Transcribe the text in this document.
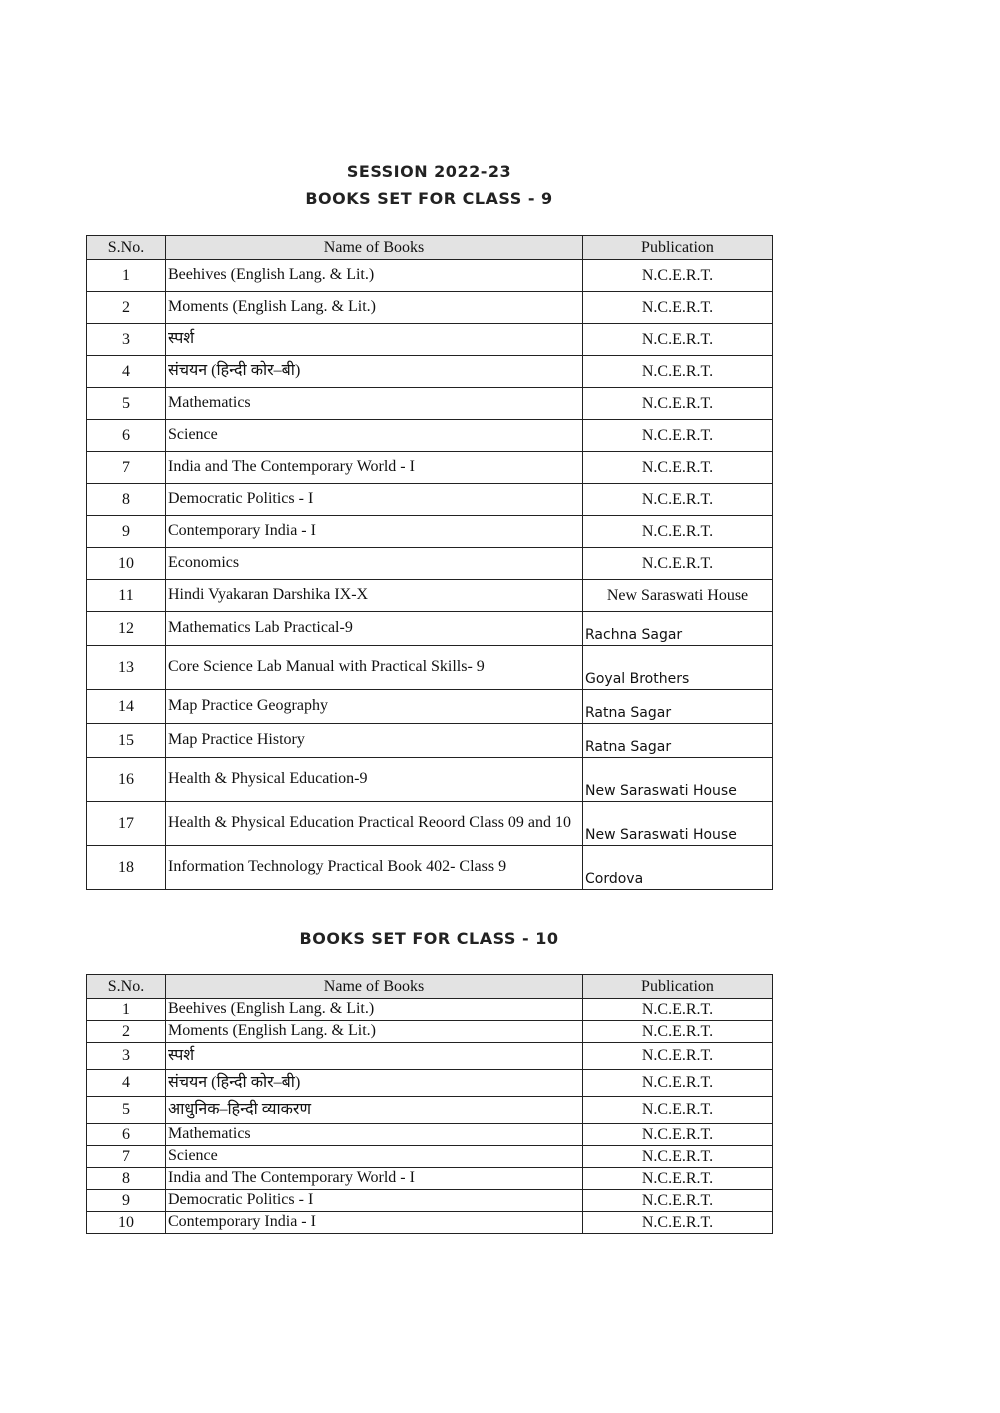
SESSION 2022-23
BOOKS SET FOR CLASS - 9
S.No.	Name of Books	Publication
1	Beehives (English Lang. & Lit.)	N.C.E.R.T.
2	Moments (English Lang. & Lit.)	N.C.E.R.T.
3	स्पर्श	N.C.E.R.T.
4	संचयन (हिन्दी कोर–बी)	N.C.E.R.T.
5	Mathematics	N.C.E.R.T.
6	Science	N.C.E.R.T.
7	India and The Contemporary World - I	N.C.E.R.T.
8	Democratic Politics - I	N.C.E.R.T.
9	Contemporary India - I	N.C.E.R.T.
10	Economics	N.C.E.R.T.
11	Hindi Vyakaran Darshika IX-X	New Saraswati House
12	Mathematics Lab Practical-9	Rachna Sagar
13	Core Science Lab Manual with Practical Skills- 9	Goyal Brothers
14	Map Practice Geography	Ratna Sagar
15	Map Practice History	Ratna Sagar
16	Health & Physical Education-9	New Saraswati House
17	Health & Physical Education Practical Reoord Class 09 and 10	New Saraswati House
18	Information Technology Practical Book 402- Class 9	Cordova
BOOKS SET FOR CLASS - 10
S.No.	Name of Books	Publication
1	Beehives (English Lang. & Lit.)	N.C.E.R.T.
2	Moments (English Lang. & Lit.)	N.C.E.R.T.
3	स्पर्श	N.C.E.R.T.
4	संचयन (हिन्दी कोर–बी)	N.C.E.R.T.
5	आधुनिक–हिन्दी व्याकरण	N.C.E.R.T.
6	Mathematics	N.C.E.R.T.
7	Science	N.C.E.R.T.
8	India and The Contemporary World - I	N.C.E.R.T.
9	Democratic Politics - I	N.C.E.R.T.
10	Contemporary India - I	N.C.E.R.T.
